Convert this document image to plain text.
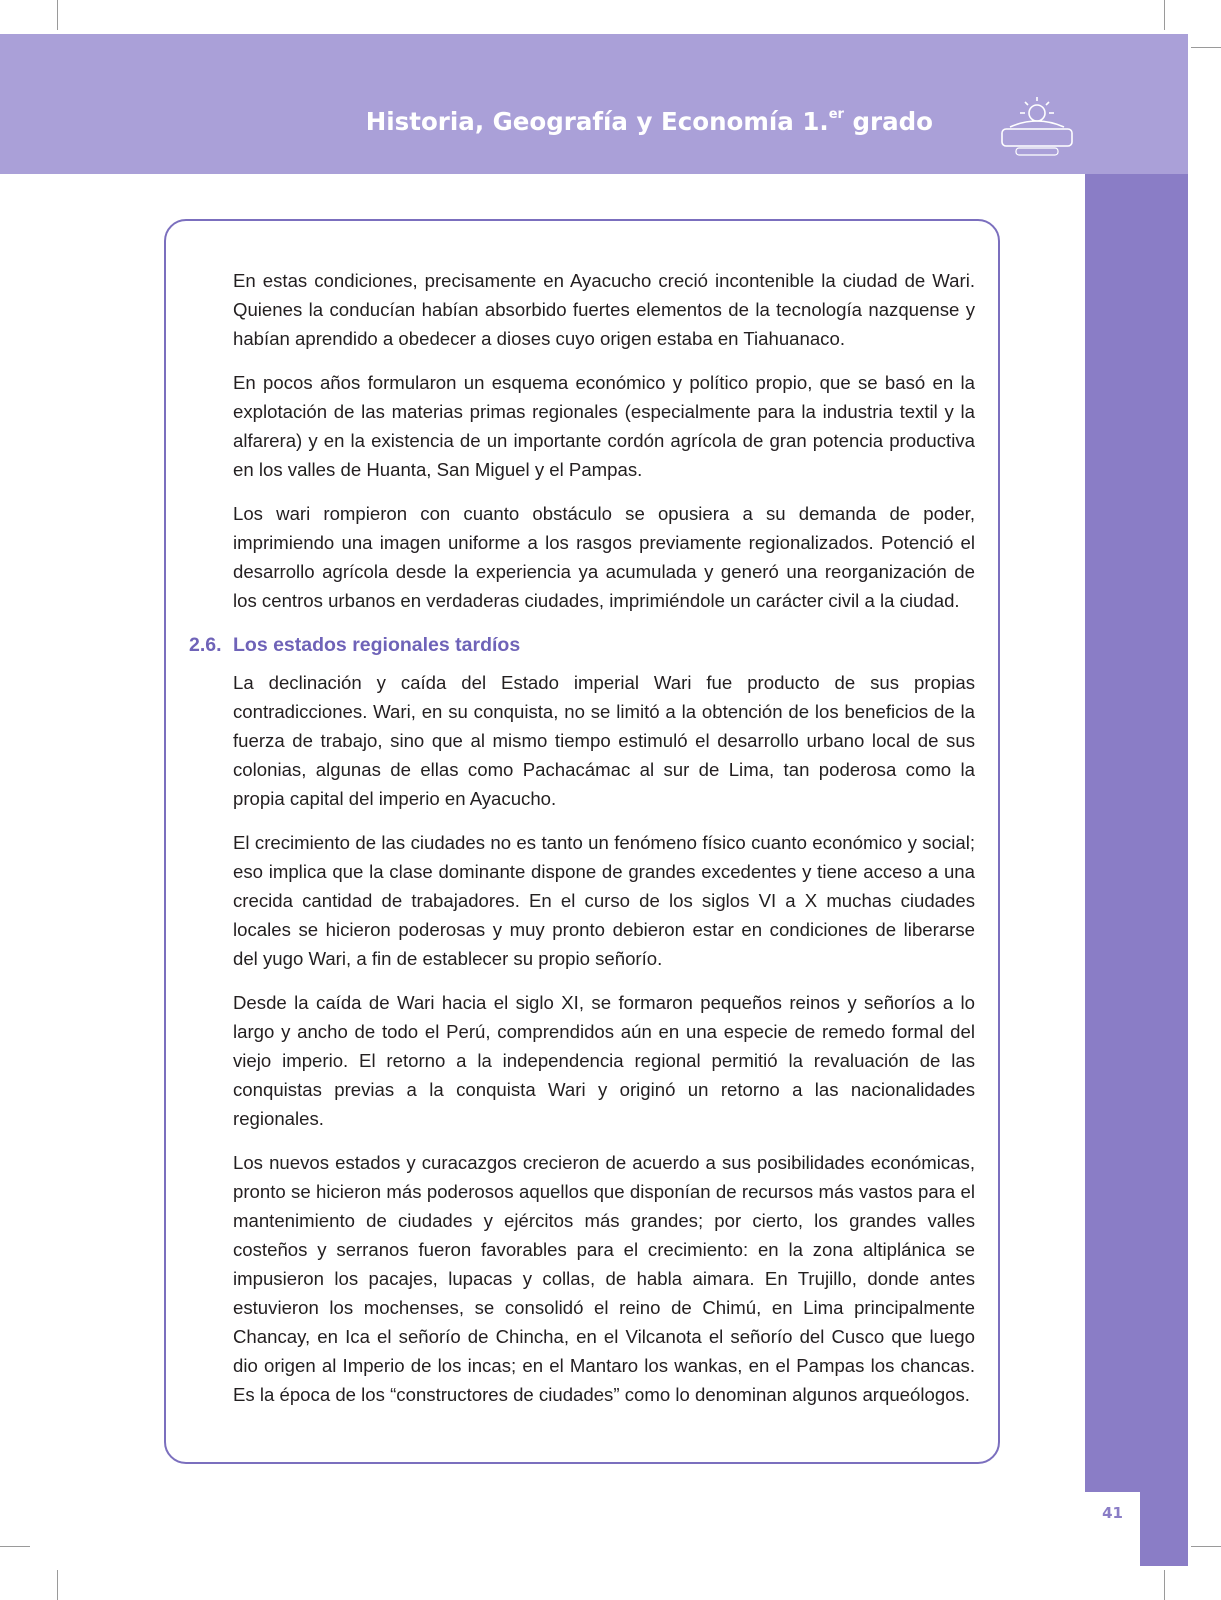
Historia, Geografía y Economía 1.$^{er}$ grado
41

En estas condiciones, precisamente en Ayacucho creció incontenible la ciudad de Wari. Quienes la conducían habían absorbido fuertes elementos de la tecnología nazquense y habían aprendido a obedecer a dioses cuyo origen estaba en Tiahuanaco.

En pocos años formularon un esquema económico y político propio, que se basó en la explotación de las materias primas regionales (especialmente para la industria textil y la alfarera) y en la existencia de un importante cordón agrícola de gran potencia productiva en los valles de Huanta, San Miguel y el Pampas.

Los wari rompieron con cuanto obstáculo se opusiera a su demanda de poder, imprimiendo una imagen uniforme a los rasgos previamente regionalizados. Potenció el desarrollo agrícola desde la experiencia ya acumulada y generó una reorganización de los centros urbanos en verdaderas ciudades, imprimiéndole un carácter civil a la ciudad.

2.6. Los estados regionales tardíos

La declinación y caída del Estado imperial Wari fue producto de sus propias contradicciones. Wari, en su conquista, no se limitó a la obtención de los beneficios de la fuerza de trabajo, sino que al mismo tiempo estimuló el desarrollo urbano local de sus colonias, algunas de ellas como Pachacámac al sur de Lima, tan poderosa como la propia capital del imperio en Ayacucho.

El crecimiento de las ciudades no es tanto un fenómeno físico cuanto económico y social; eso implica que la clase dominante dispone de grandes excedentes y tiene acceso a una crecida cantidad de trabajadores. En el curso de los siglos VI a X muchas ciudades locales se hicieron poderosas y muy pronto debieron estar en condiciones de liberarse del yugo Wari, a fin de establecer su propio señorío.

Desde la caída de Wari hacia el siglo XI, se formaron pequeños reinos y señoríos a lo largo y ancho de todo el Perú, comprendidos aún en una especie de remedo formal del viejo imperio. El retorno a la independencia regional permitió la revaluación de las conquistas previas a la conquista Wari y originó un retorno a las nacionalidades regionales.

Los nuevos estados y curacazgos crecieron de acuerdo a sus posibilidades económicas, pronto se hicieron más poderosos aquellos que disponían de recursos más vastos para el mantenimiento de ciudades y ejércitos más grandes; por cierto, los grandes valles costeños y serranos fueron favorables para el crecimiento: en la zona altiplánica se impusieron los pacajes, lupacas y collas, de habla aimara. En Trujillo, donde antes estuvieron los mochenses, se consolidó el reino de Chimú, en Lima principalmente Chancay, en Ica el señorío de Chincha, en el Vilcanota el señorío del Cusco que luego dio origen al Imperio de los incas; en el Mantaro los wankas, en el Pampas los chancas. Es la época de los “constructores de ciudades” como lo denominan algunos arqueólogos.
